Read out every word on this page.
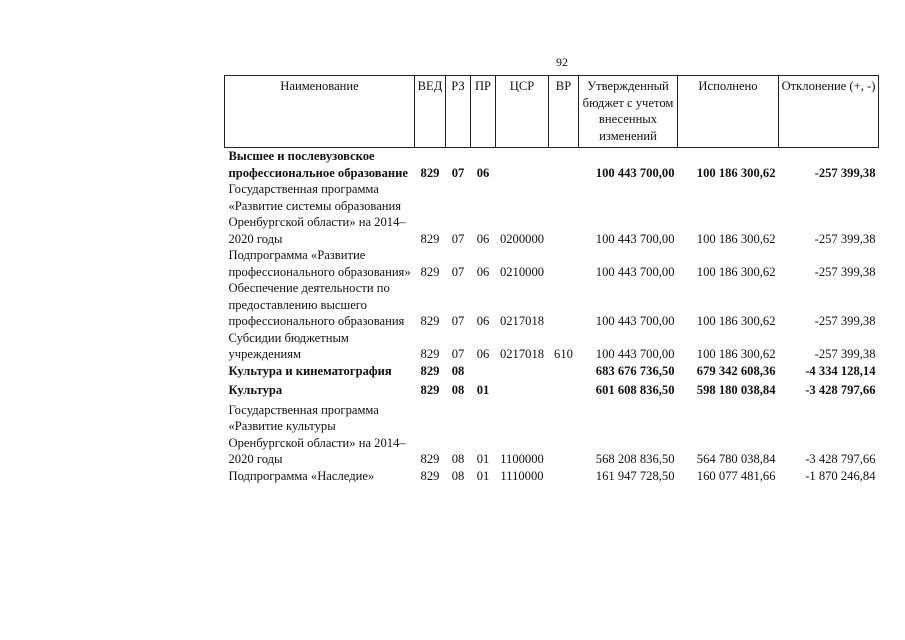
92
Наименование	ВЕД	РЗ	ПР	ЦСР	ВР	Утвержденный бюджет с учетом внесенных изменений	Исполнено	Отклонение (+, -)
Высшее и послевузовское профессиональное образование	829	07	06			100 443 700,00	100 186 300,62	-257 399,38
Государственная программа «Развитие системы образования Оренбургской области» на 2014–2020 годы	829	07	06	0200000		100 443 700,00	100 186 300,62	-257 399,38
Подпрограмма «Развитие профессионального образования»	829	07	06	0210000		100 443 700,00	100 186 300,62	-257 399,38
Обеспечение деятельности по предоставлению высшего профессионального образования	829	07	06	0217018		100 443 700,00	100 186 300,62	-257 399,38
Субсидии бюджетным учреждениям	829	07	06	0217018	610	100 443 700,00	100 186 300,62	-257 399,38
Культура и кинематография	829	08				683 676 736,50	679 342 608,36	-4 334 128,14
Культура	829	08	01			601 608 836,50	598 180 038,84	-3 428 797,66
Государственная программа «Развитие культуры Оренбургской области» на 2014–2020 годы	829	08	01	1100000		568 208 836,50	564 780 038,84	-3 428 797,66
Подпрограмма «Наследие»	829	08	01	1110000		161 947 728,50	160 077 481,66	-1 870 246,84
